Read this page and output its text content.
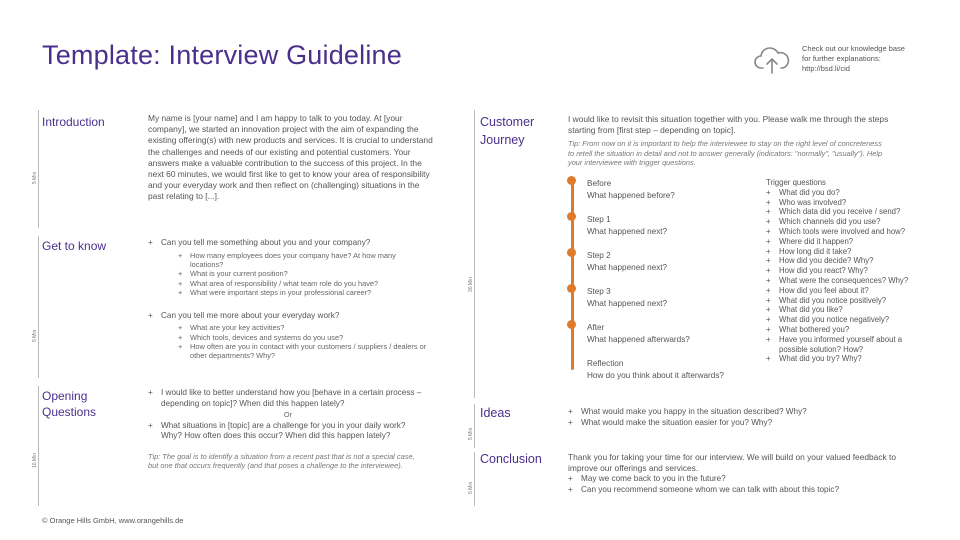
Template: Interview Guideline	Check out our knowledge base
for further explanations:
http://bsd.li/cid
Introduction
Get to know
Opening
Questions
5 Min
5 Min
10 Min
My name is [your name] and I am happy to talk to you today. At [your company], we started an innovation project with the aim of expanding the existing offering(s) with new products and services. It is crucial to understand the challenges and needs of our existing and potential customers. Your answers make a valuable contribution to the success of this project. In the next 60 minutes, we would first like to get to know your area of responsibility and your everyday work and then reflect on (challenging) situations in the past relating to [...].
+ Can you tell me something about you and your company?
+ How many employees does your company have? At how many locations?
+ What is your current position?
+ What area of responsibility / what team role do you have?
+ What were important steps in your professional career?
+ Can you tell me more about your everyday work?
+ What are your key activities?
+ Which tools, devices and systems do you use?
+ How often are you in contact with your customers / suppliers / dealers or other departments? Why?
+ I would like to better understand how you [behave in a certain process – depending on topic]? When did this happen lately?
Or
+ What situations in [topic] are a challenge for you in your daily work? Why? How often does this occur? When did this happen lately?
Tip: The goal is to identify a situation from a recent past that is not a special case, but one that occurs frequently (and that poses a challenge to the interviewee).
30 Min
5 Min
5 Min
Customer
Journey
Ideas
Conclusion
I would like to revisit this situation together with you. Please walk me through the steps starting from [first step – depending on topic].
Tip: From now on it is important to help the interviewee to stay on the right level of concreteness to retell the situation in detail and not to answer generally (indicators: "normally", "usually"). Help your interviewee with trigger questions.
Before
What happened before?
Step 1
What happened next?
Step 2
What happened next?
Step 3
What happened next?
After
What happened afterwards?
Reflection
How do you think about it afterwards?
Trigger questions
+ What did you do?
+ Who was involved?
+ Which data did you receive / send?
+ Which channels did you use?
+ Which tools were involved and how?
+ Where did it happen?
+ How long did it take?
+ How did you decide? Why?
+ How did you react? Why?
+ What were the consequences? Why?
+ How did you feel about it?
+ What did you notice positively?
+ What did you like?
+ What did you notice negatively?
+ What bothered you?
+ Have you informed yourself about a possible solution? How?
+ What did you try? Why?
+ What would make you happy in the situation described? Why?
+ What would make the situation easier for you? Why?
Thank you for taking your time for our interview. We will build on your valued feedback to improve our offerings and services.
+ May we come back to you in the future?
+ Can you recommend someone whom we can talk with about this topic?
© Orange Hills GmbH, www.orangehills.de
